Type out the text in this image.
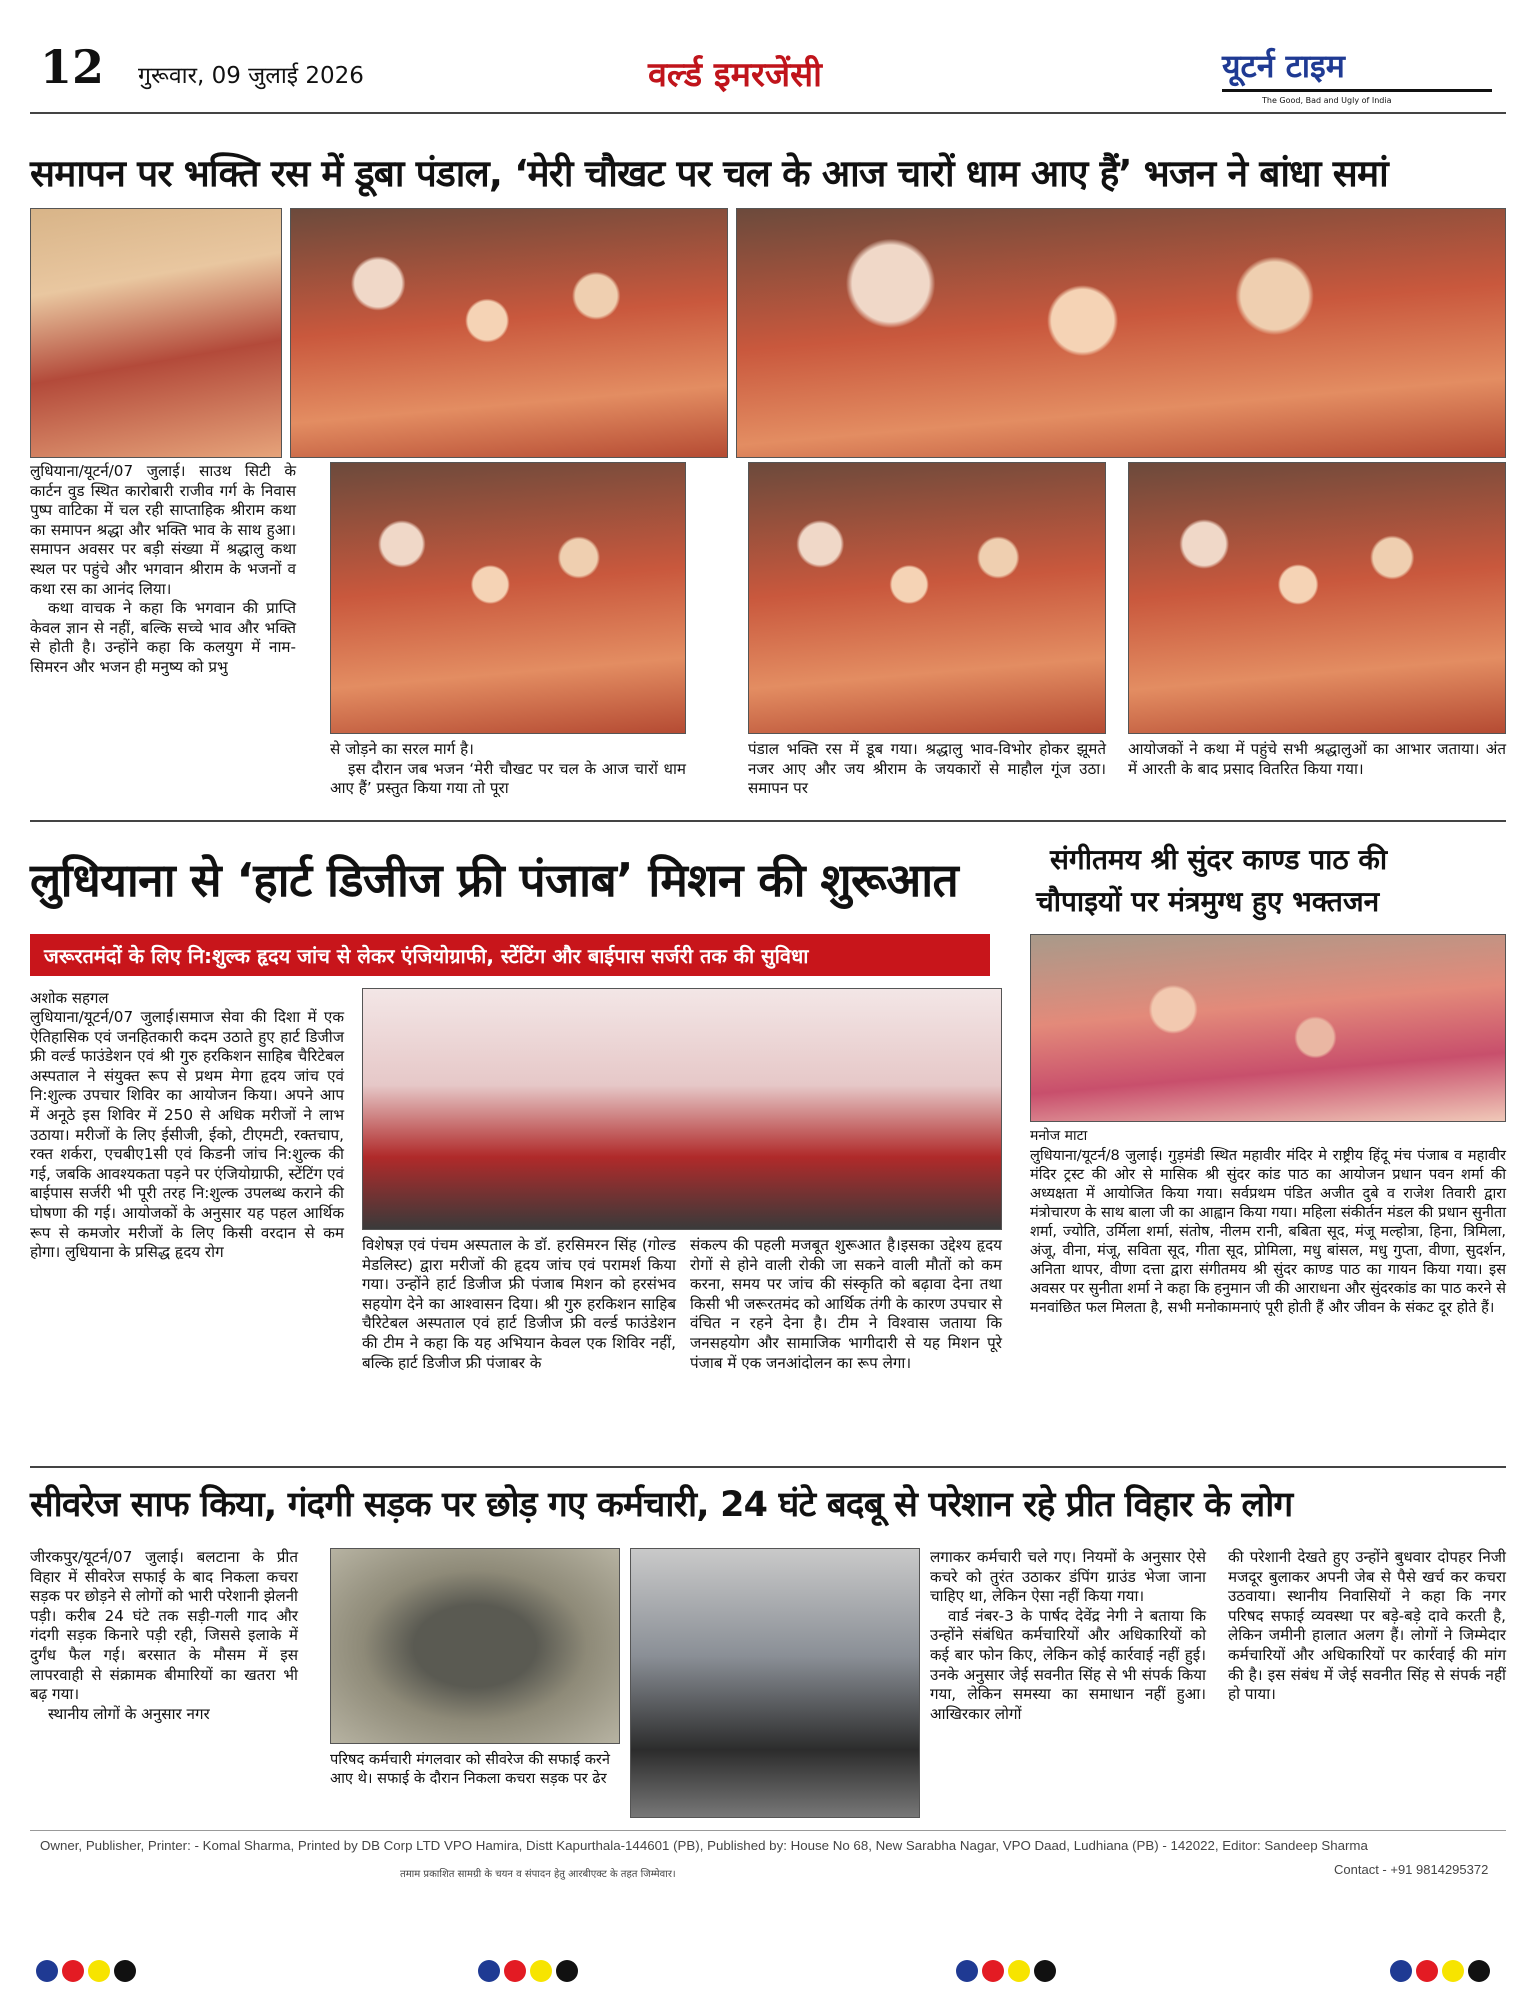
12 गुरूवार, 09 जुलाई 2026	वर्ल्ड इमरजेंसी	यूटर्न टाइम
The Good, Bad and Ugly of India
समापन पर भक्ति रस में डूबा पंडाल, ‘मेरी चौखट पर चल के आज चारों धाम आए हैं’ भजन ने बांधा समां

लुधियाना/यूटर्न/07 जुलाई। साउथ सिटी के कार्टन वुड स्थित कारोबारी राजीव गर्ग के निवास पुष्प वाटिका में चल रही साप्ताहिक श्रीराम कथा का समापन श्रद्धा और भक्ति भाव के साथ हुआ। समापन अवसर पर बड़ी संख्या में श्रद्धालु कथा स्थल पर पहुंचे और भगवान श्रीराम के भजनों व कथा रस का आनंद लिया।

कथा वाचक ने कहा कि भगवान की प्राप्ति केवल ज्ञान से नहीं, बल्कि सच्चे भाव और भक्ति से होती है। उन्होंने कहा कि कलयुग में नाम-सिमरन और भजन ही मनुष्य को प्रभु

से जोड़ने का सरल मार्ग है।

इस दौरान जब भजन ‘मेरी चौखट पर चल के आज चारों धाम आए हैं’ प्रस्तुत किया गया तो पूरा

पंडाल भक्ति रस में डूब गया। श्रद्धालु भाव-विभोर होकर झूमते नजर आए और जय श्रीराम के जयकारों से माहौल गूंज उठा। समापन पर

आयोजकों ने कथा में पहुंचे सभी श्रद्धालुओं का आभार जताया। अंत में आरती के बाद प्रसाद वितरित किया गया।

लुधियाना से ‘हार्ट डिजीज फ्री पंजाब’ मिशन की शुरूआत
जरूरतमंदों के लिए नि:शुल्क हृदय जांच से लेकर एंजियोग्राफी, स्टेंटिंग और बाईपास सर्जरी तक की सुविधा
अशोक सहगल
लुधियाना/यूटर्न/07 जुलाई।समाज सेवा की दिशा में एक ऐतिहासिक एवं जनहितकारी कदम उठाते हुए हार्ट डिजीज फ्री वर्ल्ड फाउंडेशन एवं श्री गुरु हरकिशन साहिब चैरिटेबल अस्पताल ने संयुक्त रूप से प्रथम मेगा हृदय जांच एवं नि:शुल्क उपचार शिविर का आयोजन किया। अपने आप में अनूठे इस शिविर में 250 से अधिक मरीजों ने लाभ उठाया। मरीजों के लिए ईसीजी, ईको, टीएमटी, रक्तचाप, रक्त शर्करा, एचबीए1सी एवं किडनी जांच नि:शुल्क की गई, जबकि आवश्यकता पड़ने पर एंजियोग्राफी, स्टेंटिंग एवं बाईपास सर्जरी भी पूरी तरह नि:शुल्क उपलब्ध कराने की घोषणा की गई। आयोजकों के अनुसार यह पहल आर्थिक रूप से कमजोर मरीजों के लिए किसी वरदान से कम होगा। लुधियाना के प्रसिद्ध हृदय रोग	विशेषज्ञ एवं पंचम अस्पताल के डॉ. हरसिमरन सिंह (गोल्ड मेडलिस्ट) द्वारा मरीजों की हृदय जांच एवं परामर्श किया गया। उन्होंने हार्ट डिजीज फ्री पंजाब मिशन को हरसंभव सहयोग देने का आश्वासन दिया। श्री गुरु हरकिशन साहिब चैरिटेबल अस्पताल एवं हार्ट डिजीज फ्री वर्ल्ड फाउंडेशन की टीम ने कहा कि यह अभियान केवल एक शिविर नहीं, बल्कि हार्ट डिजीज फ्री पंजाबर के
संकल्प की पहली मजबूत शुरूआत है।इसका उद्देश्य हृदय रोगों से होने वाली रोकी जा सकने वाली मौतों को कम करना, समय पर जांच की संस्कृति को बढ़ावा देना तथा किसी भी जरूरतमंद को आर्थिक तंगी के कारण उपचार से वंचित न रहने देना है। टीम ने विश्वास जताया कि जनसहयोग और सामाजिक भागीदारी से यह मिशन पूरे पंजाब में एक जनआंदोलन का रूप लेगा।
संगीतमय श्री सुंदर काण्ड पाठ की
चौपाइयों पर मंत्रमुग्ध हुए भक्तजन
मनोज माटा
लुधियाना/यूटर्न/8 जुलाई। गुड़मंडी स्थित महावीर मंदिर मे राष्ट्रीय हिंदू मंच पंजाब व महावीर मंदिर ट्रस्ट की ओर से मासिक श्री सुंदर कांड पाठ का आयोजन प्रधान पवन शर्मा की अध्यक्षता में आयोजित किया गया। सर्वप्रथम पंडित अजीत दुबे व राजेश तिवारी द्वारा मंत्रोचारण के साथ बाला जी का आह्वान किया गया। महिला संकीर्तन मंडल की प्रधान सुनीता शर्मा, ज्योति, उर्मिला शर्मा, संतोष, नीलम रानी, बबिता सूद, मंजू मल्होत्रा, हिना, त्रिमिला, अंजू, वीना, मंजू, सविता सूद, गीता सूद, प्रोमिला, मधु बांसल, मधु गुप्ता, वीणा, सुदर्शन, अनिता थापर, वीणा दत्ता द्वारा संगीतमय श्री सुंदर काण्ड पाठ का गायन किया गया। इस अवसर पर सुनीता शर्मा ने कहा कि हनुमान जी की आराधना और सुंदरकांड का पाठ करने से मनवांछित फल मिलता है, सभी मनोकामनाएं पूरी होती हैं और जीवन के संकट दूर होते हैं।
सीवरेज साफ किया, गंदगी सड़क पर छोड़ गए कर्मचारी, 24 घंटे बदबू से परेशान रहे प्रीत विहार के लोग

जीरकपुर/यूटर्न/07 जुलाई। बलटाना के प्रीत विहार में सीवरेज सफाई के बाद निकला कचरा सड़क पर छोड़ने से लोगों को भारी परेशानी झेलनी पड़ी। करीब 24 घंटे तक सड़ी-गली गाद और गंदगी सड़क किनारे पड़ी रही, जिससे इलाके में दुर्गंध फैल गई। बरसात के मौसम में इस लापरवाही से संक्रामक बीमारियों का खतरा भी बढ़ गया।

स्थानीय लोगों के अनुसार नगर

परिषद कर्मचारी मंगलवार को सीवरेज की सफाई करने आए थे। सफाई के दौरान निकला कचरा सड़क पर ढेर

लगाकर कर्मचारी चले गए। नियमों के अनुसार ऐसे कचरे को तुरंत उठाकर डंपिंग ग्राउंड भेजा जाना चाहिए था, लेकिन ऐसा नहीं किया गया।

वार्ड नंबर-3 के पार्षद देवेंद्र नेगी ने बताया कि उन्होंने संबंधित कर्मचारियों और अधिकारियों को कई बार फोन किए, लेकिन कोई कार्रवाई नहीं हुई। उनके अनुसार जेई सवनीत सिंह से भी संपर्क किया गया, लेकिन समस्या का समाधान नहीं हुआ। आखिरकार लोगों

की परेशानी देखते हुए उन्होंने बुधवार दोपहर निजी मजदूर बुलाकर अपनी जेब से पैसे खर्च कर कचरा उठवाया। स्थानीय निवासियों ने कहा कि नगर परिषद सफाई व्यवस्था पर बड़े-बड़े दावे करती है, लेकिन जमीनी हालात अलग हैं। लोगों ने जिम्मेदार कर्मचारियों और अधिकारियों पर कार्रवाई की मांग की है। इस संबंध में जेई सवनीत सिंह से संपर्क नहीं हो पाया।

Owner, Publisher, Printer: - Komal Sharma, Printed by DB Corp LTD VPO Hamira, Distt Kapurthala-144601 (PB), Published by: House No 68, New Sarabha Nagar, VPO Daad, Ludhiana (PB) - 142022, Editor: Sandeep Sharma
तमाम प्रकाशित सामग्री के चयन व संपादन हेतु आरबीएक्ट के तहत जिम्मेवार।	Contact - +91 9814295372
